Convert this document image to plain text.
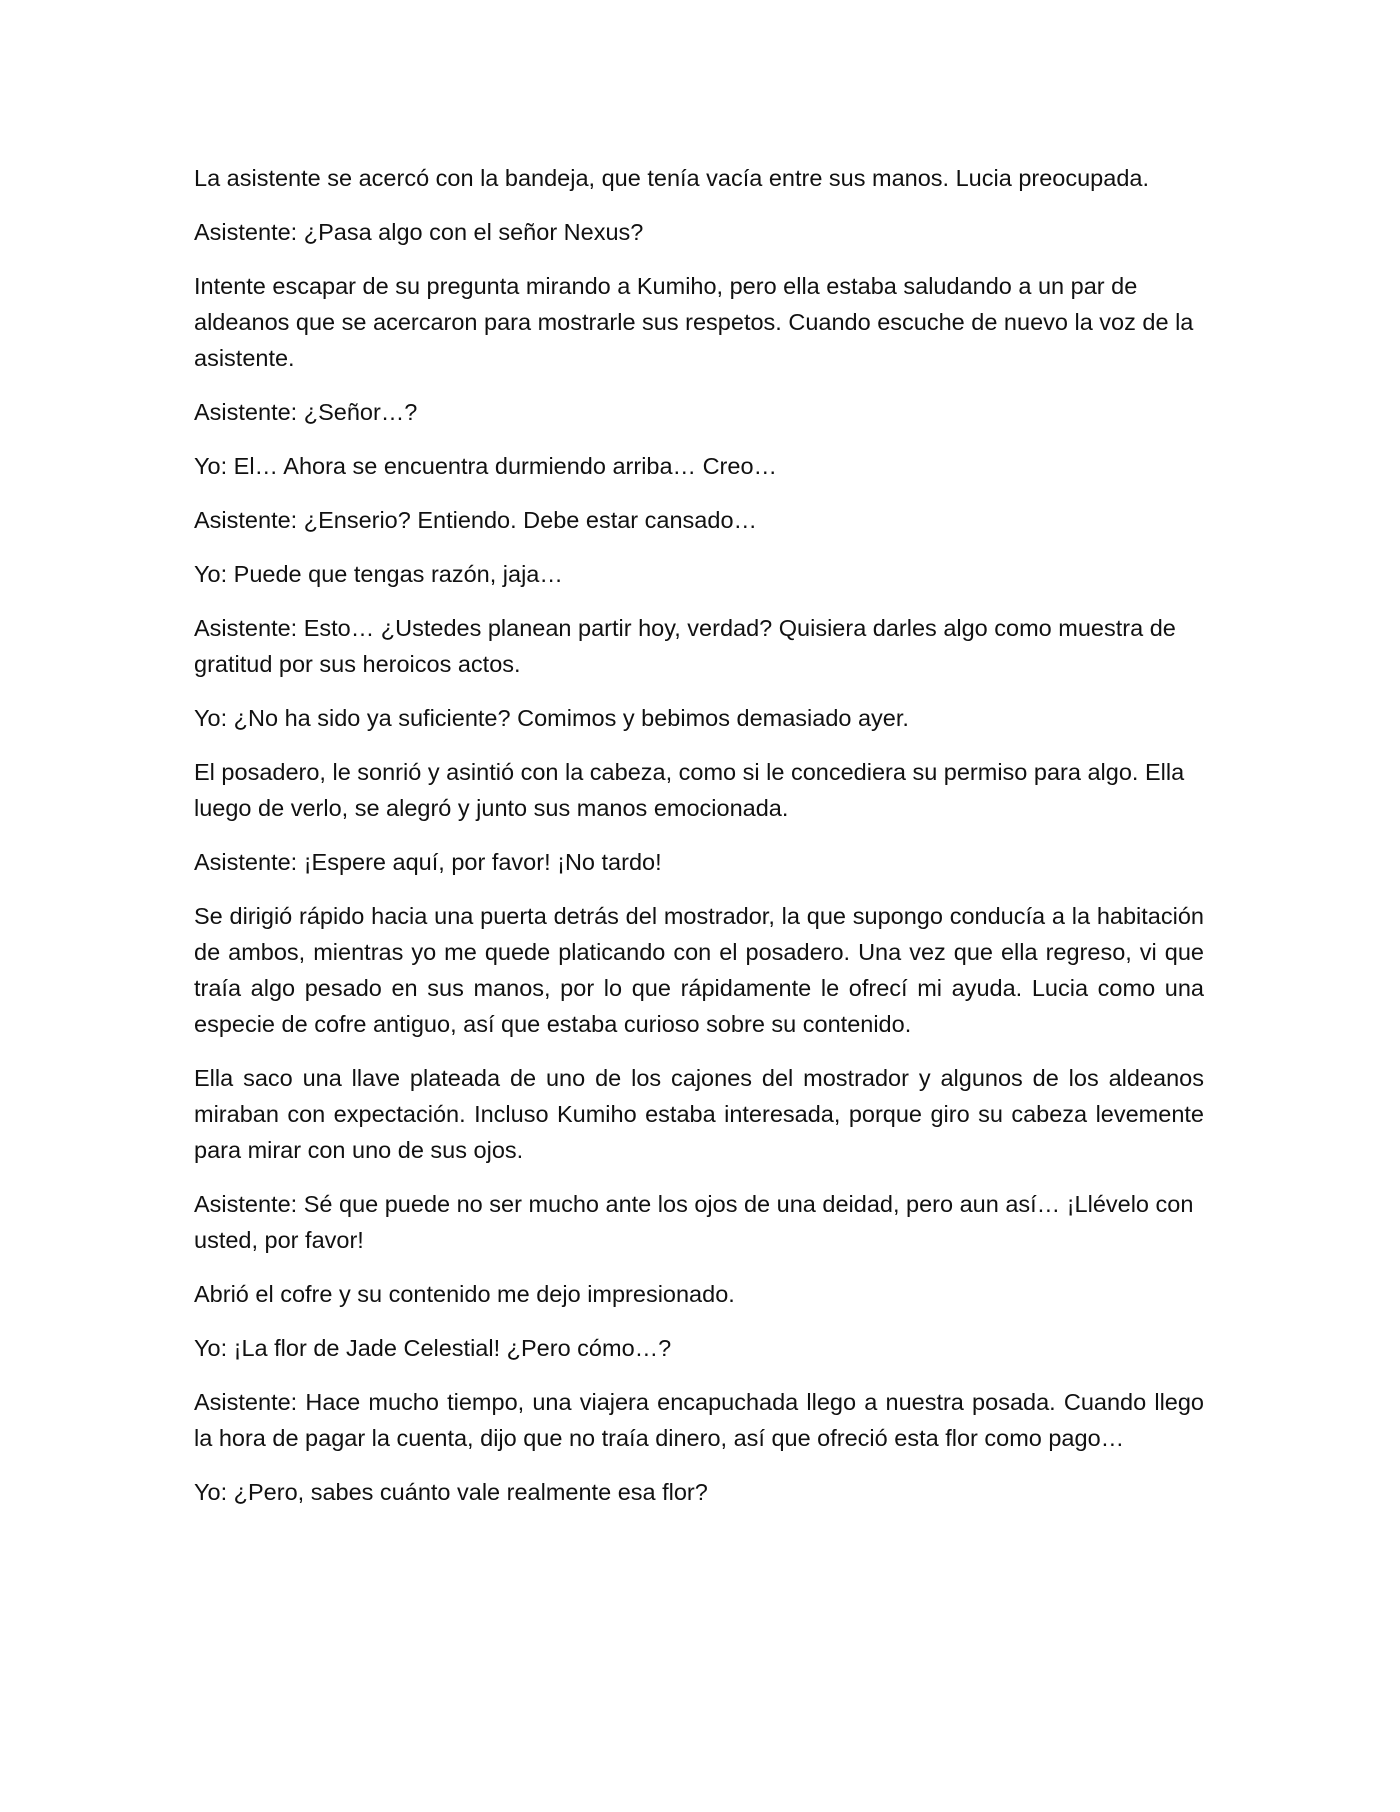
La asistente se acercó con la bandeja, que tenía vacía entre sus manos. Lucia preocupada.

Asistente: ¿Pasa algo con el señor Nexus?

Intente escapar de su pregunta mirando a Kumiho, pero ella estaba saludando a un par de aldeanos que se acercaron para mostrarle sus respetos. Cuando escuche de nuevo la voz de la asistente.

Asistente: ¿Señor…?

Yo: El… Ahora se encuentra durmiendo arriba… Creo…

Asistente: ¿Enserio? Entiendo. Debe estar cansado…

Yo: Puede que tengas razón, jaja…

Asistente: Esto… ¿Ustedes planean partir hoy, verdad? Quisiera darles algo como muestra de gratitud por sus heroicos actos.

Yo: ¿No ha sido ya suficiente? Comimos y bebimos demasiado ayer.

El posadero, le sonrió y asintió con la cabeza, como si le concediera su permiso para algo. Ella luego de verlo, se alegró y junto sus manos emocionada.

Asistente: ¡Espere aquí, por favor! ¡No tardo!

Se dirigió rápido hacia una puerta detrás del mostrador, la que supongo conducía a la habitación de ambos, mientras yo me quede platicando con el posadero. Una vez que ella regreso, vi que traía algo pesado en sus manos, por lo que rápidamente le ofrecí mi ayuda. Lucia como una especie de cofre antiguo, así que estaba curioso sobre su contenido.

Ella saco una llave plateada de uno de los cajones del mostrador y algunos de los aldeanos miraban con expectación. Incluso Kumiho estaba interesada, porque giro su cabeza levemente para mirar con uno de sus ojos.

Asistente: Sé que puede no ser mucho ante los ojos de una deidad, pero aun así… ¡Llévelo con usted, por favor!

Abrió el cofre y su contenido me dejo impresionado.

Yo: ¡La flor de Jade Celestial! ¿Pero cómo…?

Asistente: Hace mucho tiempo, una viajera encapuchada llego a nuestra posada. Cuando llego la hora de pagar la cuenta, dijo que no traía dinero, así que ofreció esta flor como pago…

Yo: ¿Pero, sabes cuánto vale realmente esa flor?
